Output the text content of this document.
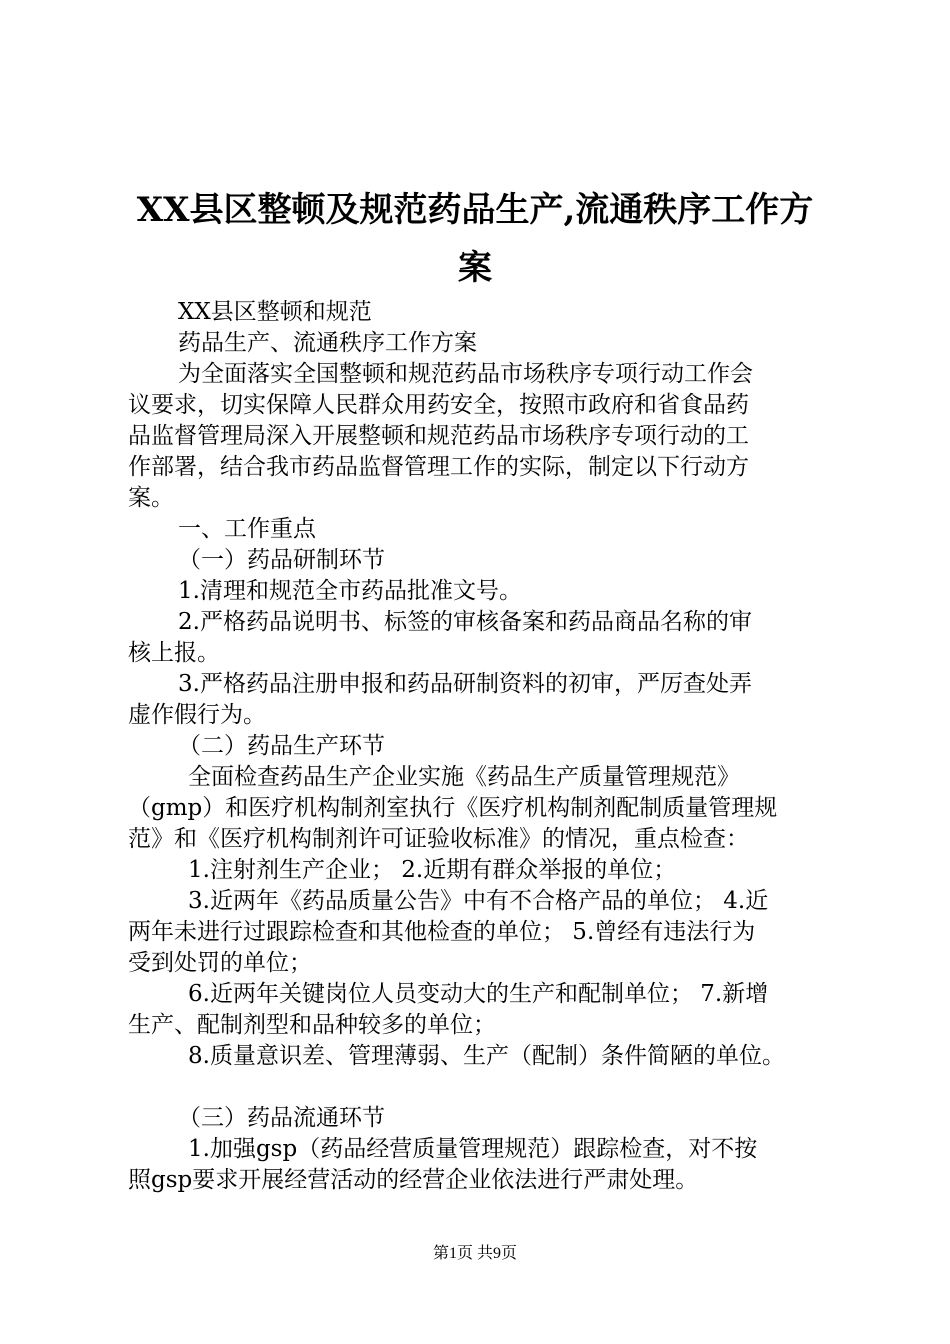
XX县区整顿及规范药品生产,流通秩序工作方
案
XX县区整顿和规范
药品生产、流通秩序工作方案
为全面落实全国整顿和规范药品市场秩序专项行动工作会
议要求，切实保障人民群众用药安全，按照市政府和省食品药
品监督管理局深入开展整顿和规范药品市场秩序专项行动的工
作部署，结合我市药品监督管理工作的实际，制定以下行动方
案。
一、工作重点
（一）药品研制环节
1.清理和规范全市药品批准文号。
2.严格药品说明书、标签的审核备案和药品商品名称的审
核上报。
3.严格药品注册申报和药品研制资料的初审，严厉查处弄
虚作假行为。
（二）药品生产环节
全面检查药品生产企业实施《药品生产质量管理规范》
（gmp）和医疗机构制剂室执行《医疗机构制剂配制质量管理规
范》和《医疗机构制剂许可证验收标准》的情况，重点检查：
1.注射剂生产企业； 2.近期有群众举报的单位；
3.近两年《药品质量公告》中有不合格产品的单位； 4.近
两年未进行过跟踪检查和其他检查的单位； 5.曾经有违法行为
受到处罚的单位；
6.近两年关键岗位人员变动大的生产和配制单位； 7.新增
生产、配制剂型和品种较多的单位；
8.质量意识差、管理薄弱、生产（配制）条件简陋的单位。
（三）药品流通环节
1.加强gsp（药品经营质量管理规范）跟踪检查，对不按
照gsp要求开展经营活动的经营企业依法进行严肃处理。
第1页 共9页
